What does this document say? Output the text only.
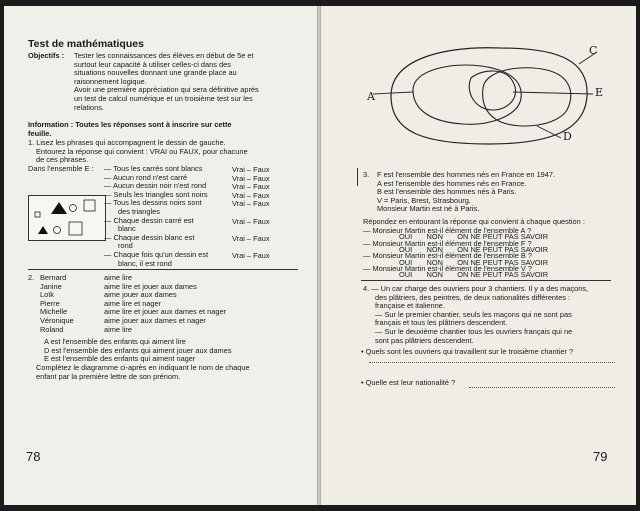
Test de mathématiques
Objectifs : Tester les connaissances des élèves en début de 5e et
surtout leur capacité à utiliser celles-ci dans des
situations nouvelles donnant une grande place au
raisonnement logique.
Avoir une première appréciation qui sera définitive après
un test de calcul numérique et un troisième test sur les
relations.
Information : Toutes les réponses sont à inscrire sur cette
feuille.
1. Lisez les phrases qui accompagnent le dessin de gauche.
Entourez la réponse qui convient : VRAI ou FAUX, pour chacune
de ces phrases.
Dans l'ensemble E : — Tous les carrés sont blancs	Vrai – Faux
— Aucun rond n'est carré	Vrai – Faux
— Aucun dessin noir n'est rond	Vrai – Faux
— Seuls les triangles sont noirs	Vrai – Faux
— Tous les dessins noirs sont
des triangles
Vrai – Faux
— Chaque dessin carré est
blanc
Vrai – Faux
— Chaque dessin blanc est
rond
Vrai – Faux
— Chaque fois qu'un dessin est
blanc, il est rond
Vrai – Faux
2. Bernard	aime lire
Janine	aime lire et jouer aux dames
Loïk	aime jouer aux dames
Pierre	aime lire et nager
Michelle	aime lire et jouer aux dames et nager
Véronique	aime jouer aux dames et nager
Roland	aime lire
A est l'ensemble des enfants qui aiment lire
D est l'ensemble des enfants qui aiment jouer aux dames
E est l'ensemble des enfants qui aiment nager
Complétez le diagramme ci-après en indiquant le nom de chaque
enfant par la première lettre de son prénom.
78
A
C
E
D
3. F est l'ensemble des hommes nés en France en 1947.
A est l'ensemble des hommes nés en France.
B est l'ensemble des hommes nés à Paris.
V = Paris, Brest, Strasbourg.
Monsieur Martin est né à Paris.
Répondez en entourant la réponse qui convient à chaque question :
— Monsieur Martin est-il élément de l'ensemble A ?
OUI       NON       ON NE PEUT PAS SAVOIR
— Monsieur Martin est-il élément de l'ensemble F ?
OUI       NON       ON NE PEUT PAS SAVOIR
— Monsieur Martin est-il élément de l'ensemble B ?
OUI       NON       ON NE PEUT PAS SAVOIR
— Monsieur Martin est-il élément de l'ensemble V ?
OUI       NON       ON NE PEUT PAS SAVOIR
4. — Un car charge des ouvriers pour 3 chantiers. Il y a des maçons,
des plâtriers, des peintres, de deux nationalités différentes :
française et italienne.
— Sur le premier chantier, seuls les maçons qui ne sont pas
français et tous les plâtriers descendent.
— Sur le deuxième chantier tous les ouvriers français qui ne
sont pas plâtriers descendent.
• Quels sont les ouvriers qui travaillent sur le troisième chantier ?
• Quelle est leur nationalité ?
79
